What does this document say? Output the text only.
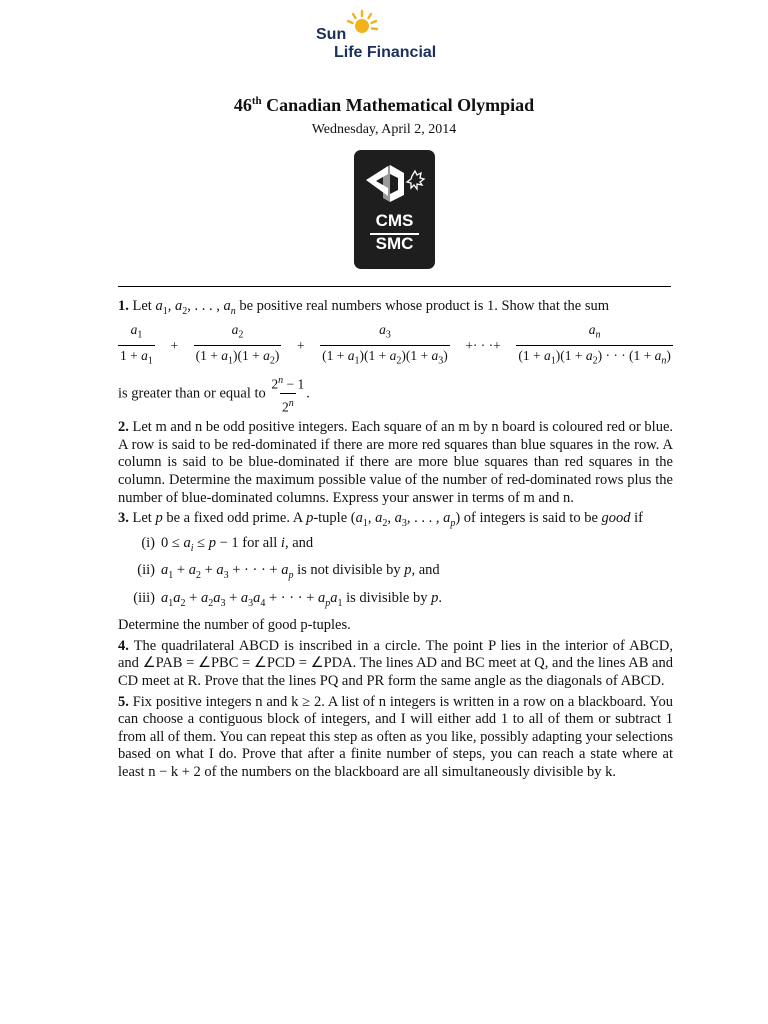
Sun
Life Financial
46th Canadian Mathematical Olympiad
Wednesday, April 2, 2014
CMS
SMC
1. Let $a_1$, $a_2$, . . . , $a_n$ be positive real numbers whose product is 1. Show that the sum
$\frac{a_1}{1 + a_1} + \frac{a_2}{(1 + a_1)(1 + a_2)} + \frac{a_3}{(1 + a_1)(1 + a_2)(1 + a_3)}$ +· · ·+ $\frac{a_n}{(1 + a_1)(1 + a_2) \cdot \cdot \cdot (1 + a_n)}$
is greater than or equal to $\frac{2^n - 1}{2^n}$ .
2. Let m and n be odd positive integers. Each square of an m by n board is coloured red or blue. A row is said to be red-dominated if there are more red squares than blue squares in the row. A column is said to be blue-dominated if there are more blue squares than red squares in the column. Determine the maximum possible value of the number of red-dominated rows plus the number of blue-dominated columns. Express your answer in terms of m and n.
3. Let p be a fixed odd prime. A p-tuple ($a_1$, $a_2$, $a_3$, . . . , $a_p$) of integers is said to be good if
(i) $0 \le a_i \le p - 1$ for all i, and
(ii) $a_1 + a_2 + a_3$ + · · · + $a_p$ is not divisible by p, and
(iii) $a_1a_2 + a_2a_3 + a_3a_4$ + · · · + $a_pa_1$ is divisible by p.
Determine the number of good p-tuples.
4. The quadrilateral ABCD is inscribed in a circle. The point P lies in the interior of ABCD, and ∠PAB = ∠PBC = ∠PCD = ∠PDA. The lines AD and BC meet at Q, and the lines AB and CD meet at R. Prove that the lines PQ and PR form the same angle as the diagonals of ABCD.
5. Fix positive integers n and k ≥ 2. A list of n integers is written in a row on a blackboard. You can choose a contiguous block of integers, and I will either add 1 to all of them or subtract 1 from all of them. You can repeat this step as often as you like, possibly adapting your selections based on what I do. Prove that after a finite number of steps, you can reach a state where at least n − k + 2 of the numbers on the blackboard are all simultaneously divisible by k.
